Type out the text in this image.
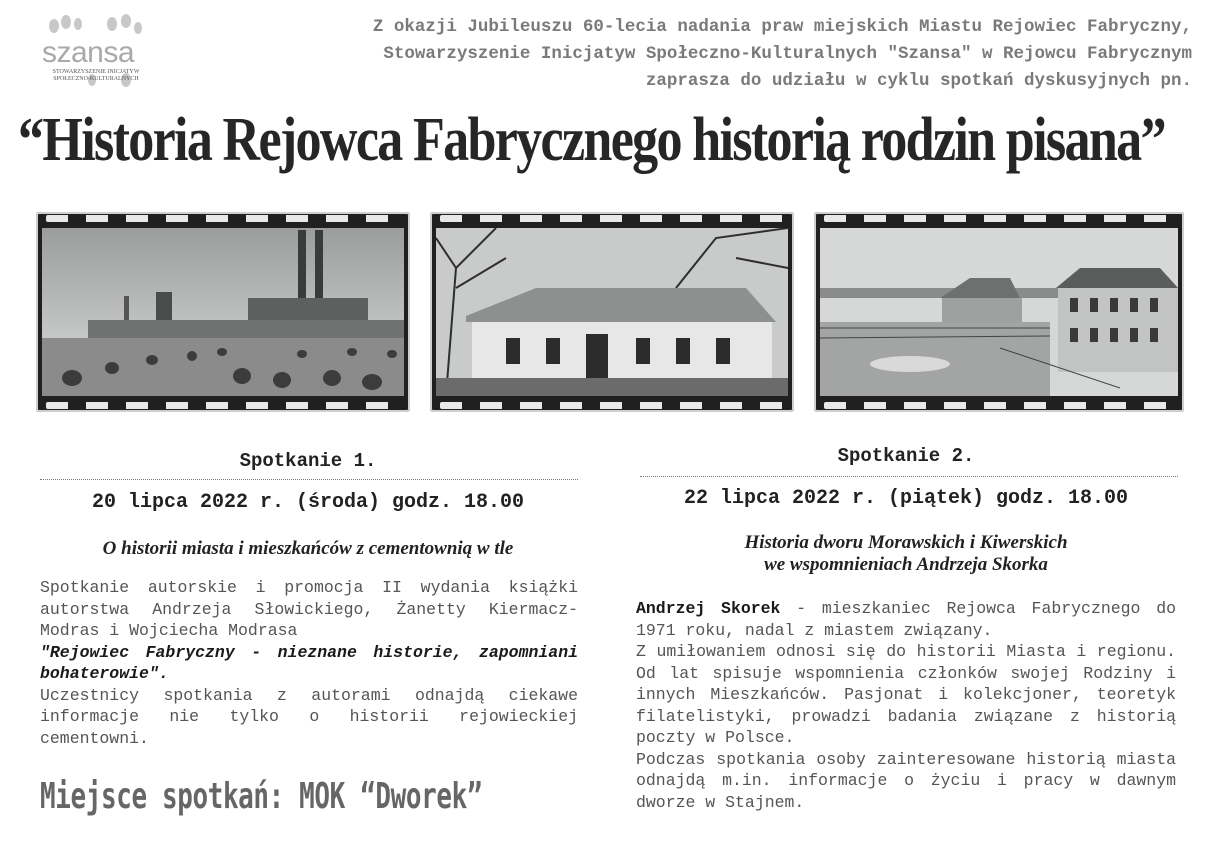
szansa
STOWARZYSZENIE INICJATYW SPOŁECZNO-KULTURALNYCH
Z okazji Jubileuszu 60-lecia nadania praw miejskich Miastu Rejowiec Fabryczny,
Stowarzyszenie Inicjatyw Społeczno-Kulturalnych "Szansa" w Rejowcu Fabrycznym
zaprasza do udziału w cyklu spotkań dyskusyjnych pn.
“Historia Rejowca Fabrycznego historią rodzin pisana”
Spotkanie 1.
20 lipca 2022 r. (środa) godz. 18.00
O historii miasta i mieszkańców z cementownią w tle

Spotkanie autorskie i promocja II wydania książki autorstwa Andrzeja Słowickiego, Żanetty Kiermacz-Modras i Wojciecha Modrasa
"Rejowiec Fabryczny - nieznane historie, zapomniani bohaterowie".

Uczestnicy spotkania z autorami odnajdą ciekawe informacje nie tylko o historii rejowieckiej cementowni.

Miejsce spotkań: MOK “Dworek”
Spotkanie 2.
22 lipca 2022 r. (piątek) godz. 18.00
Historia dworu Morawskich i Kiwerskich
we wspomnieniach Andrzeja Skorka

Andrzej Skorek - mieszkaniec Rejowca Fabrycznego do 1971 roku, nadal z miastem związany.

Z umiłowaniem odnosi się do historii Miasta i regionu. Od lat spisuje wspomnienia członków swojej Rodziny i innych Mieszkańców. Pasjonat i kolekcjoner, teoretyk filatelistyki, prowadzi badania związane z historią poczty w Polsce.

Podczas spotkania osoby zainteresowane historią miasta odnajdą m.in. informacje o życiu i pracy w dawnym dworze w Stajnem.
